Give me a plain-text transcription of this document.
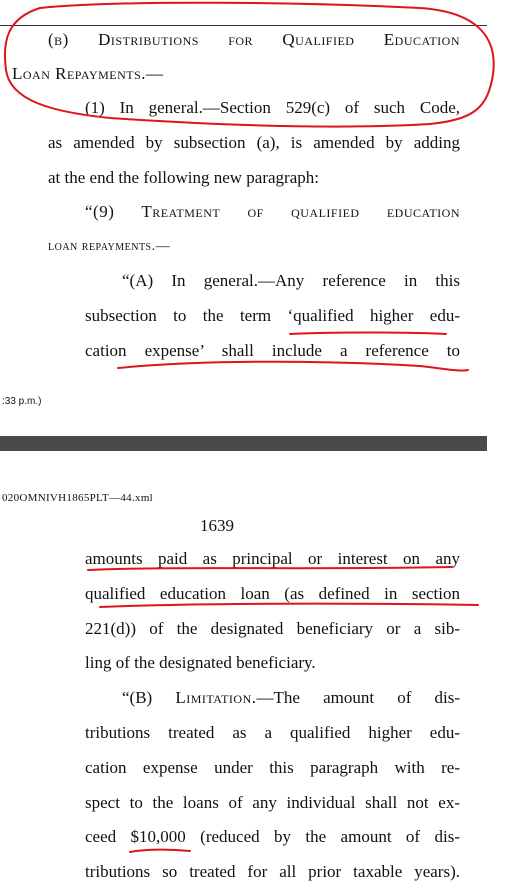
(b) Distributions for Qualified Education
Loan Repayments.—
(1) In general.—Section 529(c) of such Code,
as amended by subsection (a), is amended by adding
at the end the following new paragraph:
“(9) Treatment of qualified education
loan repayments.—
“(A) In general.—Any reference in this
subsection to the term ‘qualified higher edu-
cation expense’ shall include a reference to
:33 p.m.)
020OMNIVH1865PLT—44.xml
1639
amounts paid as principal or interest on any
qualified education loan (as defined in section
221(d)) of the designated beneficiary or a sib-
ling of the designated beneficiary.
“(B) Limitation.—The amount of dis-
tributions treated as a qualified higher edu-
cation expense under this paragraph with re-
spect to the loans of any individual shall not ex-
ceed $10,000 (reduced by the amount of dis-
tributions so treated for all prior taxable years).
